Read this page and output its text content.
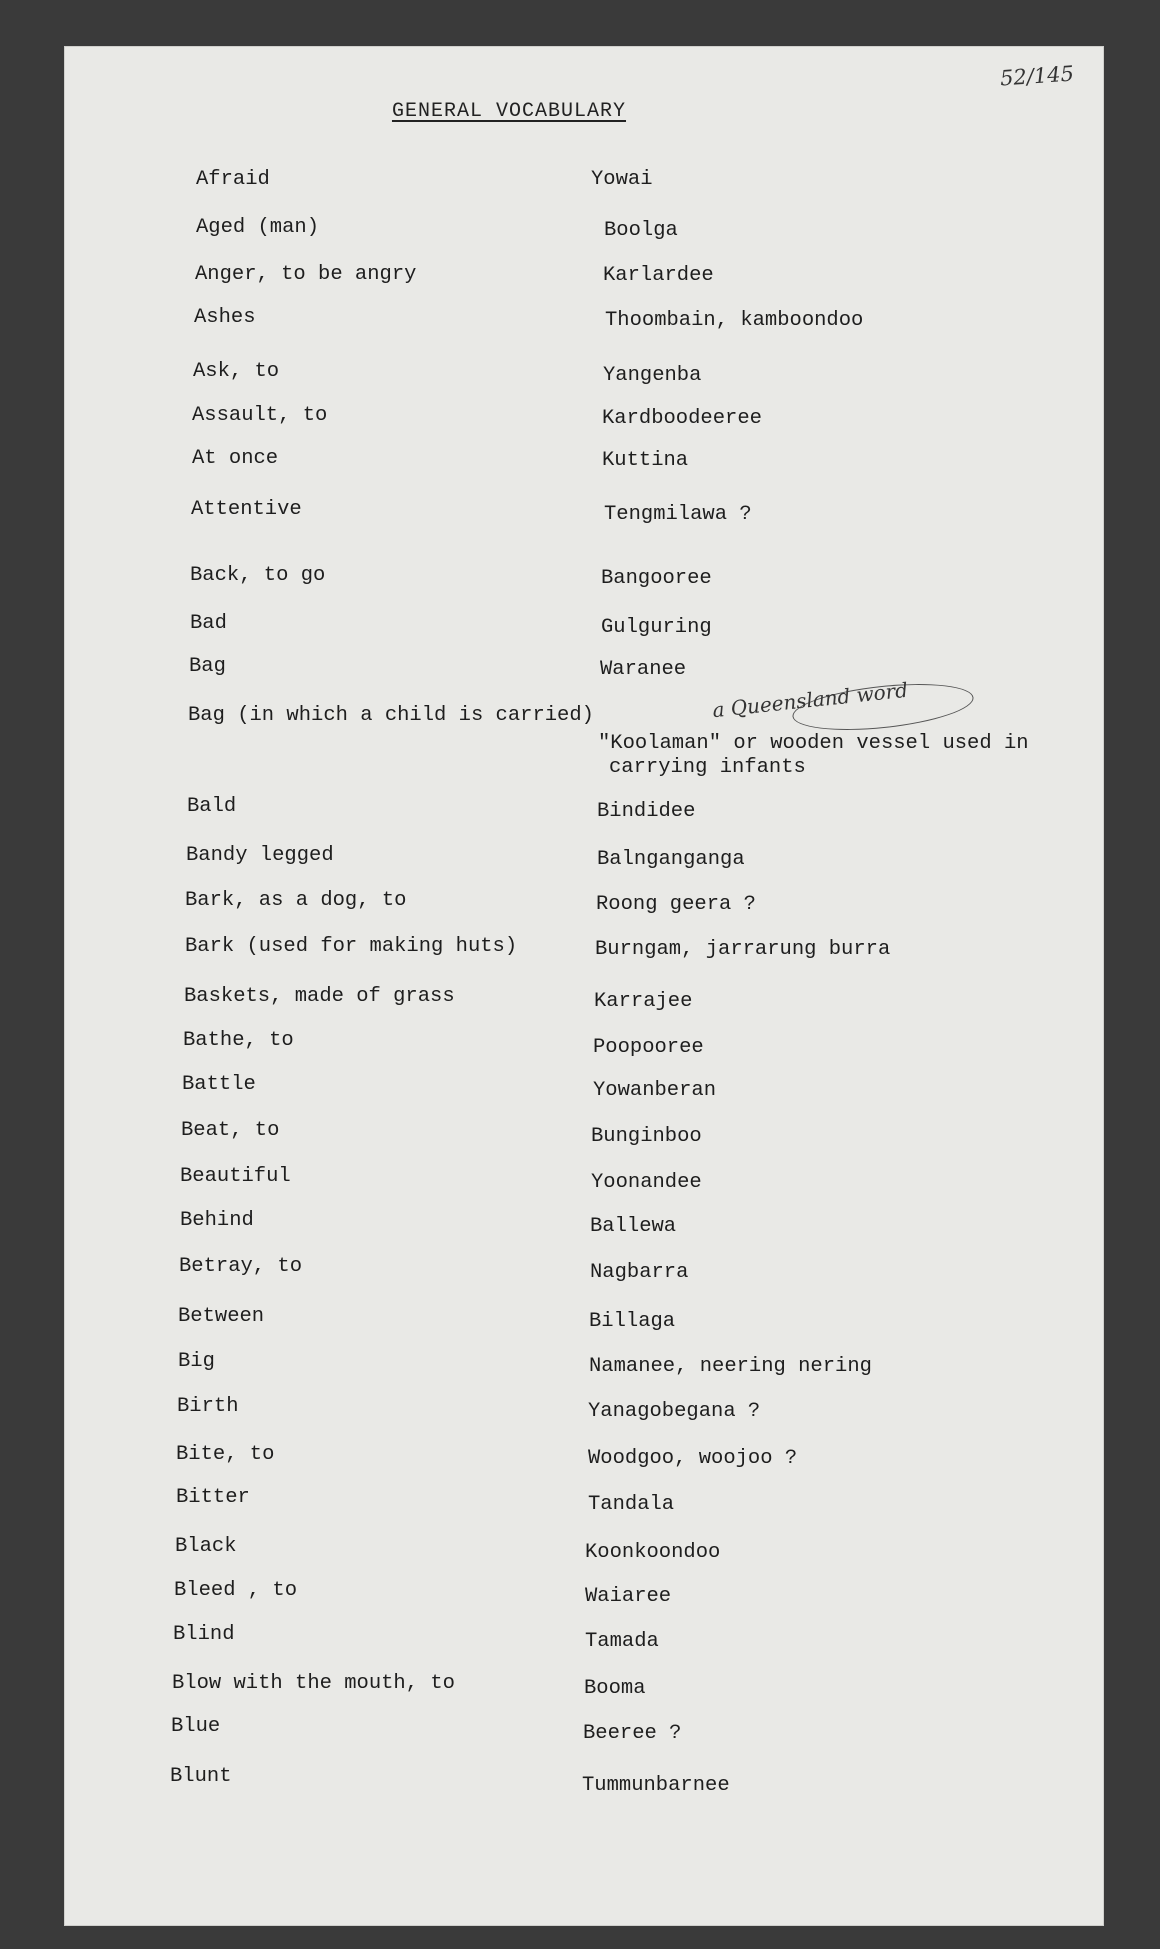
52/145
GENERAL VOCABULARY
Afraid	Yowai
Aged (man)	Boolga
Anger, to be angry	Karlardee
Ashes	Thoombain, kamboondoo
Ask, to	Yangenba
Assault, to	Kardboodeeree
At once	Kuttina
Attentive	Tengmilawa ?
Back, to go	Bangooree
Bad	Gulguring
Bag	Waranee
Bag (in which a child is carried)	a Queensland word
"Koolaman" or wooden vessel used in
carrying infants
Bald	Bindidee
Bandy legged	Balnganganga
Bark, as a dog, to	Roong geera ?
Bark (used for making huts)	Burngam, jarrarung burra
Baskets, made of grass	Karrajee
Bathe, to	Poopooree
Battle	Yowanberan
Beat, to	Bunginboo
Beautiful	Yoonandee
Behind	Ballewa
Betray, to	Nagbarra
Between	Billaga
Big	Namanee, neering nering
Birth	Yanagobegana ?
Bite, to	Woodgoo, woojoo ?
Bitter	Tandala
Black	Koonkoondoo
Bleed , to	Waiaree
Blind	Tamada
Blow with the mouth, to	Booma
Blue	Beeree ?
Blunt	Tummunbarnee
